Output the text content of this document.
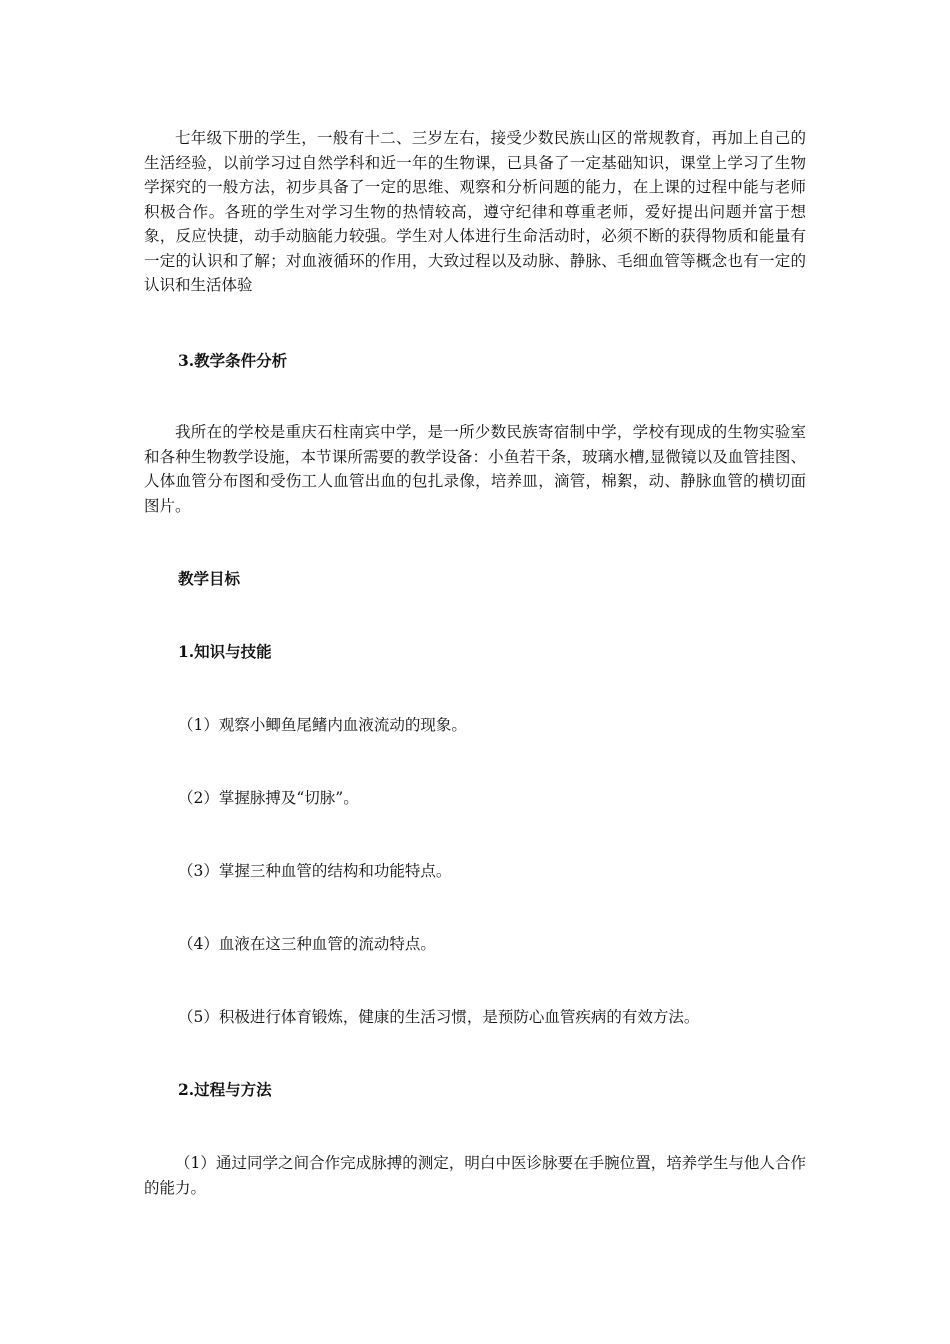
七年级下册的学生，一般有十二、三岁左右，接受少数民族山区的常规教育，再加上自己的生活经验，以前学习过自然学科和近一年的生物课，已具备了一定基础知识，课堂上学习了生物学探究的一般方法，初步具备了一定的思维、观察和分析问题的能力，在上课的过程中能与老师积极合作。各班的学生对学习生物的热情较高，遵守纪律和尊重老师，爱好提出问题并富于想象，反应快捷，动手动脑能力较强。学生对人体进行生命活动时，必须不断的获得物质和能量有一定的认识和了解；对血液循环的作用，大致过程以及动脉、静脉、毛细血管等概念也有一定的认识和生活体验

3.教学条件分析

我所在的学校是重庆石柱南宾中学，是一所少数民族寄宿制中学，学校有现成的生物实验室和各种生物教学设施，本节课所需要的教学设备：小鱼若干条，玻璃水槽,显微镜以及血管挂图、人体血管分布图和受伤工人血管出血的包扎录像，培养皿，滴管，棉絮，动、静脉血管的横切面图片。

教学目标

1.知识与技能

（1）观察小鲫鱼尾鳍内血液流动的现象。

（2）掌握脉搏及“切脉”。

（3）掌握三种血管的结构和功能特点。

（4）血液在这三种血管的流动特点。

（5）积极进行体育锻炼，健康的生活习惯，是预防心血管疾病的有效方法。

2.过程与方法

（1）通过同学之间合作完成脉搏的测定，明白中医诊脉要在手腕位置，培养学生与他人合作的能力。
